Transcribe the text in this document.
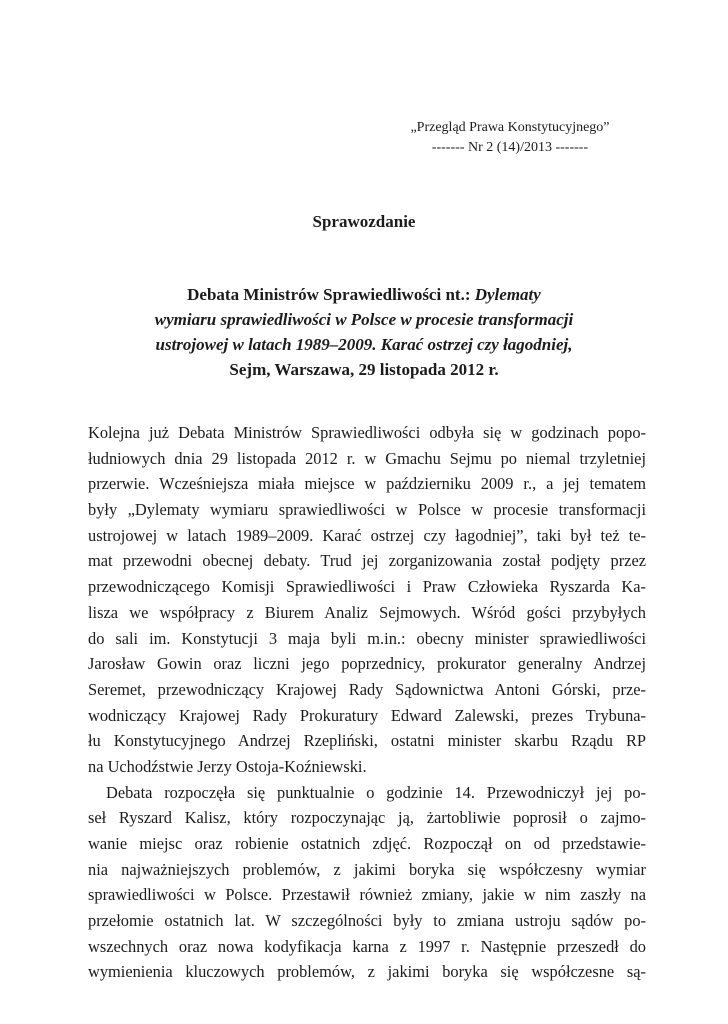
„Przegląd Prawa Konstytucyjnego”
------- Nr 2 (14)/2013 -------
Sprawozdanie
Debata Ministrów Sprawiedliwości nt.: Dylematy
wymiaru sprawiedliwości w Polsce w procesie transformacji
ustrojowej w latach 1989–2009. Karać ostrzej czy łagodniej,
Sejm, Warszawa, 29 listopada 2012 r.
Kolejna już Debata Ministrów Sprawiedliwości odbyła się w godzinach popo-
łudniowych dnia 29 listopada 2012 r. w Gmachu Sejmu po niemal trzyletniej
przerwie. Wcześniejsza miała miejsce w październiku 2009 r., a jej tematem
były „Dylematy wymiaru sprawiedliwości w Polsce w procesie transformacji
ustrojowej w latach 1989–2009. Karać ostrzej czy łagodniej”, taki był też te-
mat przewodni obecnej debaty. Trud jej zorganizowania został podjęty przez
przewodniczącego Komisji Sprawiedliwości i Praw Człowieka Ryszarda Ka-
lisza we współpracy z Biurem Analiz Sejmowych. Wśród gości przybyłych
do sali im. Konstytucji 3 maja byli m.in.: obecny minister sprawiedliwości
Jarosław Gowin oraz liczni jego poprzednicy, prokurator generalny Andrzej
Seremet, przewodniczący Krajowej Rady Sądownictwa Antoni Górski, prze-
wodniczący Krajowej Rady Prokuratury Edward Zalewski, prezes Trybuna-
łu Konstytucyjnego Andrzej Rzepliński, ostatni minister skarbu Rządu RP
na Uchodźstwie Jerzy Ostoja-Koźniewski.
Debata rozpoczęła się punktualnie o godzinie 14. Przewodniczył jej po-
seł Ryszard Kalisz, który rozpoczynając ją, żartobliwie poprosił o zajmo-
wanie miejsc oraz robienie ostatnich zdjęć. Rozpoczął on od przedstawie-
nia najważniejszych problemów, z jakimi boryka się współczesny wymiar
sprawiedliwości w Polsce. Przestawił również zmiany, jakie w nim zaszły na
przełomie ostatnich lat. W szczególności były to zmiana ustroju sądów po-
wszechnych oraz nowa kodyfikacja karna z 1997 r. Następnie przeszedł do
wymienienia kluczowych problemów, z jakimi boryka się współczesne są-
